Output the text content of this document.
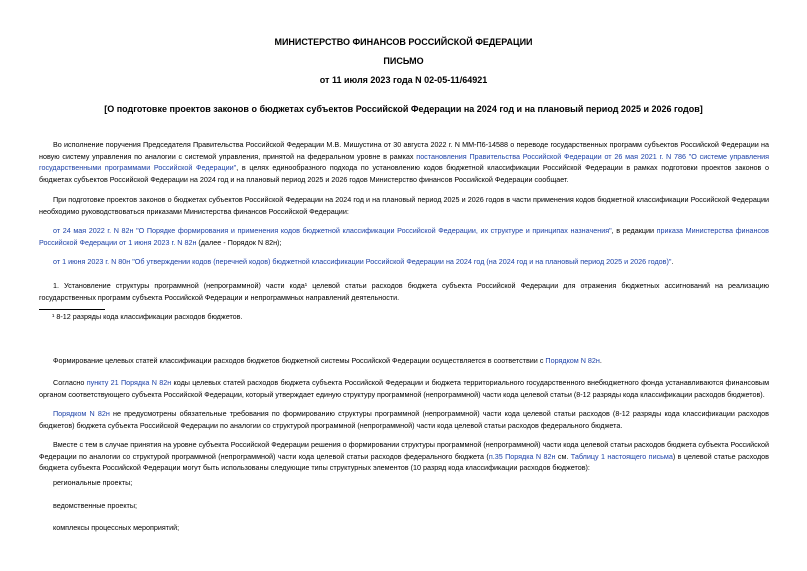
МИНИСТЕРСТВО ФИНАНСОВ РОССИЙСКОЙ ФЕДЕРАЦИИ
ПИСЬМО
от 11 июля 2023 года N 02-05-11/64921
[О подготовке проектов законов о бюджетах субъектов Российской Федерации на 2024 год и на плановый период 2025 и 2026 годов]
Во исполнение поручения Председателя Правительства Российской Федерации М.В. Мишустина от 30 августа 2022 г. N ММ-П6-14588 о переводе государственных программ субъектов Российской Федерации на новую систему управления по аналогии с системой управления, принятой на федеральном уровне в рамках постановления Правительства Российской Федерации от 26 мая 2021 г. N 786 "О системе управления государственными программами Российской Федерации", в целях единообразного подхода по установлению кодов бюджетной классификации Российской Федерации в рамках подготовки проектов законов о бюджетах субъектов Российской Федерации на 2024 год и на плановый период 2025 и 2026 годов Министерство финансов Российской Федерации сообщает.
При подготовке проектов законов о бюджетах субъектов Российской Федерации на 2024 год и на плановый период 2025 и 2026 годов в части применения кодов бюджетной классификации Российской Федерации необходимо руководствоваться приказами Министерства финансов Российской Федерации:
от 24 мая 2022 г. N 82н "О Порядке формирования и применения кодов бюджетной классификации Российской Федерации, их структуре и принципах назначения", в редакции приказа Министерства финансов Российской Федерации от 1 июня 2023 г. N 82н (далее - Порядок N 82н);
от 1 июня 2023 г. N 80н "Об утверждении кодов (перечней кодов) бюджетной классификации Российской Федерации на 2024 год (на 2024 год и на плановый период 2025 и 2026 годов)".
1. Установление структуры программной (непрограммной) части кода¹ целевой статьи расходов бюджета субъекта Российской Федерации для отражения бюджетных ассигнований на реализацию государственных программ субъекта Российской Федерации и непрограммных направлений деятельности.
¹ 8-12 разряды кода классификации расходов бюджетов.
Формирование целевых статей классификации расходов бюджетов бюджетной системы Российской Федерации осуществляется в соответствии с Порядком N 82н.
Согласно пункту 21 Порядка N 82н коды целевых статей расходов бюджета субъекта Российской Федерации и бюджета территориального государственного внебюджетного фонда устанавливаются финансовым органом соответствующего субъекта Российской Федерации, который утверждает единую структуру программной (непрограммной) части кода целевой статьи (8-12 разряды кода классификации расходов бюджетов).
Порядком N 82н не предусмотрены обязательные требования по формированию структуры программной (непрограммной) части кода целевой статьи расходов (8-12 разряды кода классификации расходов бюджетов) бюджета субъекта Российской Федерации по аналогии со структурой программной (непрограммной) части кода целевой статьи расходов федерального бюджета.
Вместе с тем в случае принятия на уровне субъекта Российской Федерации решения о формировании структуры программной (непрограммной) части кода целевой статьи расходов бюджета субъекта Российской Федерации по аналогии со структурой программной (непрограммной) части кода целевой статьи расходов федерального бюджета (п.35 Порядка N 82н см. Таблицу 1 настоящего письма) в целевой статье расходов бюджета субъекта Российской Федерации могут быть использованы следующие типы структурных элементов (10 разряд кода классификации расходов бюджетов):
региональные проекты;
ведомственные проекты;
комплексы процессных мероприятий;
